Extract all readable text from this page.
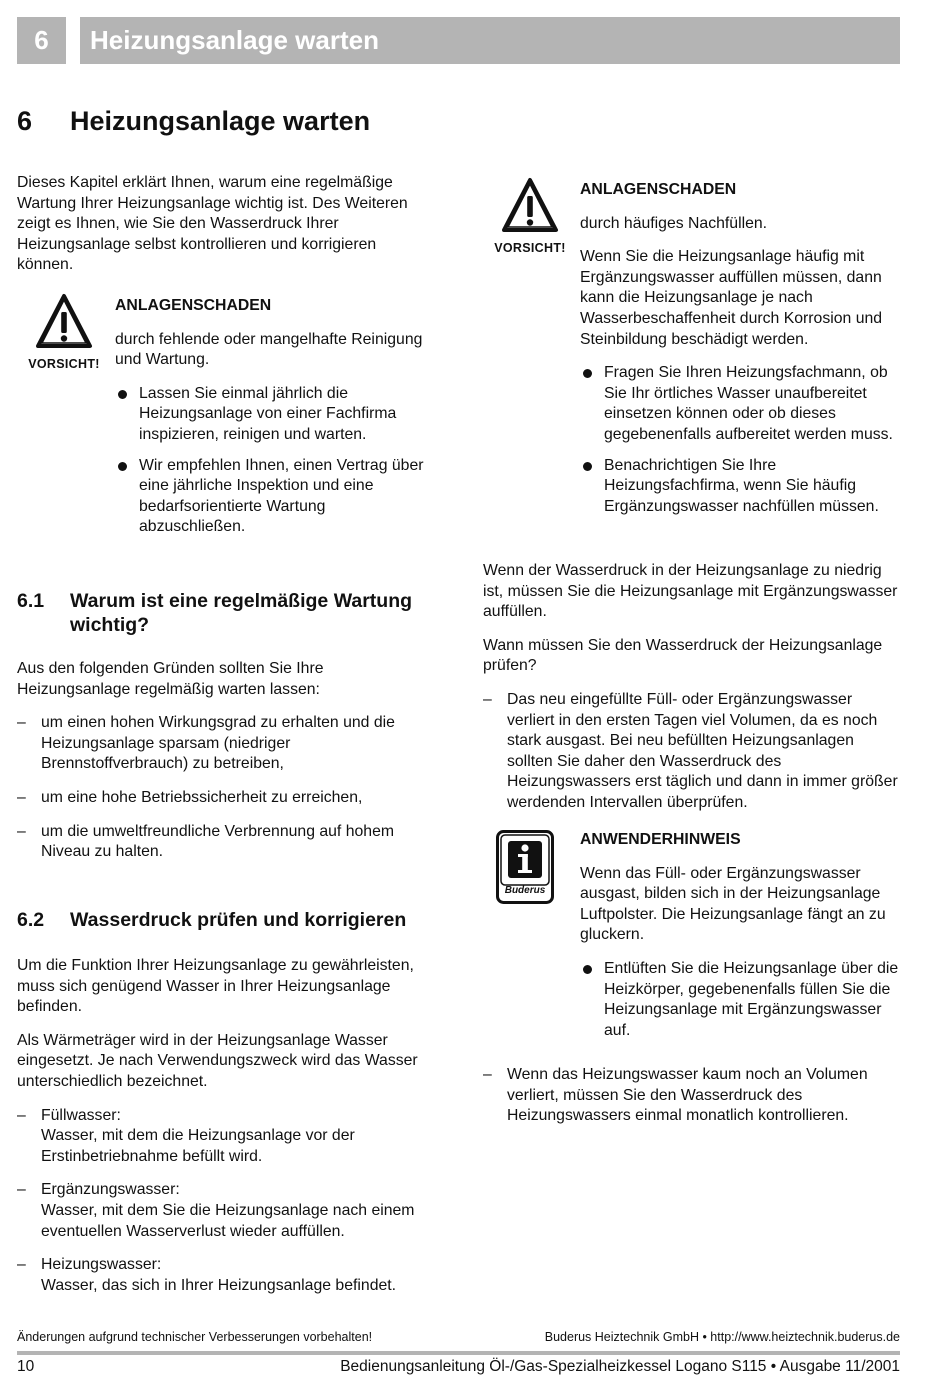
6	Heizungsanlage warten
6 Heizungsanlage warten

Dieses Kapitel erklärt Ihnen, warum eine regelmäßige Wartung Ihrer Heizungsanlage wichtig ist. Des Weiteren zeigt es Ihnen, wie Sie den Wasserdruck Ihrer Heizungsanlage selbst kontrollieren und korrigieren können.

VORSICHT!
ANLAGENSCHADEN

durch fehlende oder mangelhafte Reinigung und Wartung.

Lassen Sie einmal jährlich die Heizungsanlage von einer Fachfirma inspizieren, reinigen und warten.
Wir empfehlen Ihnen, einen Vertrag über eine jährliche Inspektion und eine bedarfsorientierte Wartung abzuschließen.
6.1 Warum ist eine regelmäßige Wartung wichtig?

Aus den folgenden Gründen sollten Sie Ihre Heizungsanlage regelmäßig warten lassen:

– um einen hohen Wirkungsgrad zu erhalten und die Heizungsanlage sparsam (niedriger Brennstoffverbrauch) zu betreiben,
– um eine hohe Betriebssicherheit zu erreichen,
– um die umweltfreundliche Verbrennung auf hohem Niveau zu halten.
6.2 Wasserdruck prüfen und korrigieren

Um die Funktion Ihrer Heizungsanlage zu gewährleisten, muss sich genügend Wasser in Ihrer Heizungsanlage befinden.

Als Wärmeträger wird in der Heizungsanlage Wasser eingesetzt. Je nach Verwendungszweck wird das Wasser unterschiedlich bezeichnet.

– Füllwasser:
Wasser, mit dem die Heizungsanlage vor der Erstinbetriebnahme befüllt wird.
– Ergänzungswasser:
Wasser, mit dem Sie die Heizungsanlage nach einem eventuellen Wasserverlust wieder auffüllen.
– Heizungswasser:
Wasser, das sich in Ihrer Heizungsanlage befindet.
VORSICHT!
ANLAGENSCHADEN

durch häufiges Nachfüllen.

Wenn Sie die Heizungsanlage häufig mit Ergänzungswasser auffüllen müssen, dann kann die Heizungsanlage je nach Wasserbeschaffenheit durch Korrosion und Steinbildung beschädigt werden.

Fragen Sie Ihren Heizungsfachmann, ob Sie Ihr örtliches Wasser unaufbereitet einsetzen können oder ob dieses gegebenenfalls aufbereitet werden muss.
Benachrichtigen Sie Ihre Heizungsfachfirma, wenn Sie häufig Ergänzungswasser nachfüllen müssen.

Wenn der Wasserdruck in der Heizungsanlage zu niedrig ist, müssen Sie die Heizungsanlage mit Ergänzungswasser auffüllen.

Wann müssen Sie den Wasserdruck der Heizungsanlage prüfen?

– Das neu eingefüllte Füll- oder Ergänzungswasser verliert in den ersten Tagen viel Volumen, da es noch stark ausgast. Bei neu befüllten Heizungsanlagen sollten Sie daher den Wasserdruck des Heizungswassers erst täglich und dann in immer größer werdenden Intervallen überprüfen.
Buderus
ANWENDERHINWEIS

Wenn das Füll- oder Ergänzungswasser ausgast, bilden sich in der Heizungsanlage Luftpolster. Die Heizungsanlage fängt an zu gluckern.

Entlüften Sie die Heizungsanlage über die Heizkörper, gegebenenfalls füllen Sie die Heizungsanlage mit Ergänzungswasser auf.
– Wenn das Heizungswasser kaum noch an Volumen verliert, müssen Sie den Wasserdruck des Heizungswassers einmal monatlich kontrollieren.
Änderungen aufgrund technischer Verbesserungen vorbehalten!	Buderus Heiztechnik GmbH • http://www.heiztechnik.buderus.de
10	Bedienungsanleitung Öl-/Gas-Spezialheizkessel Logano S115 • Ausgabe 11/2001
